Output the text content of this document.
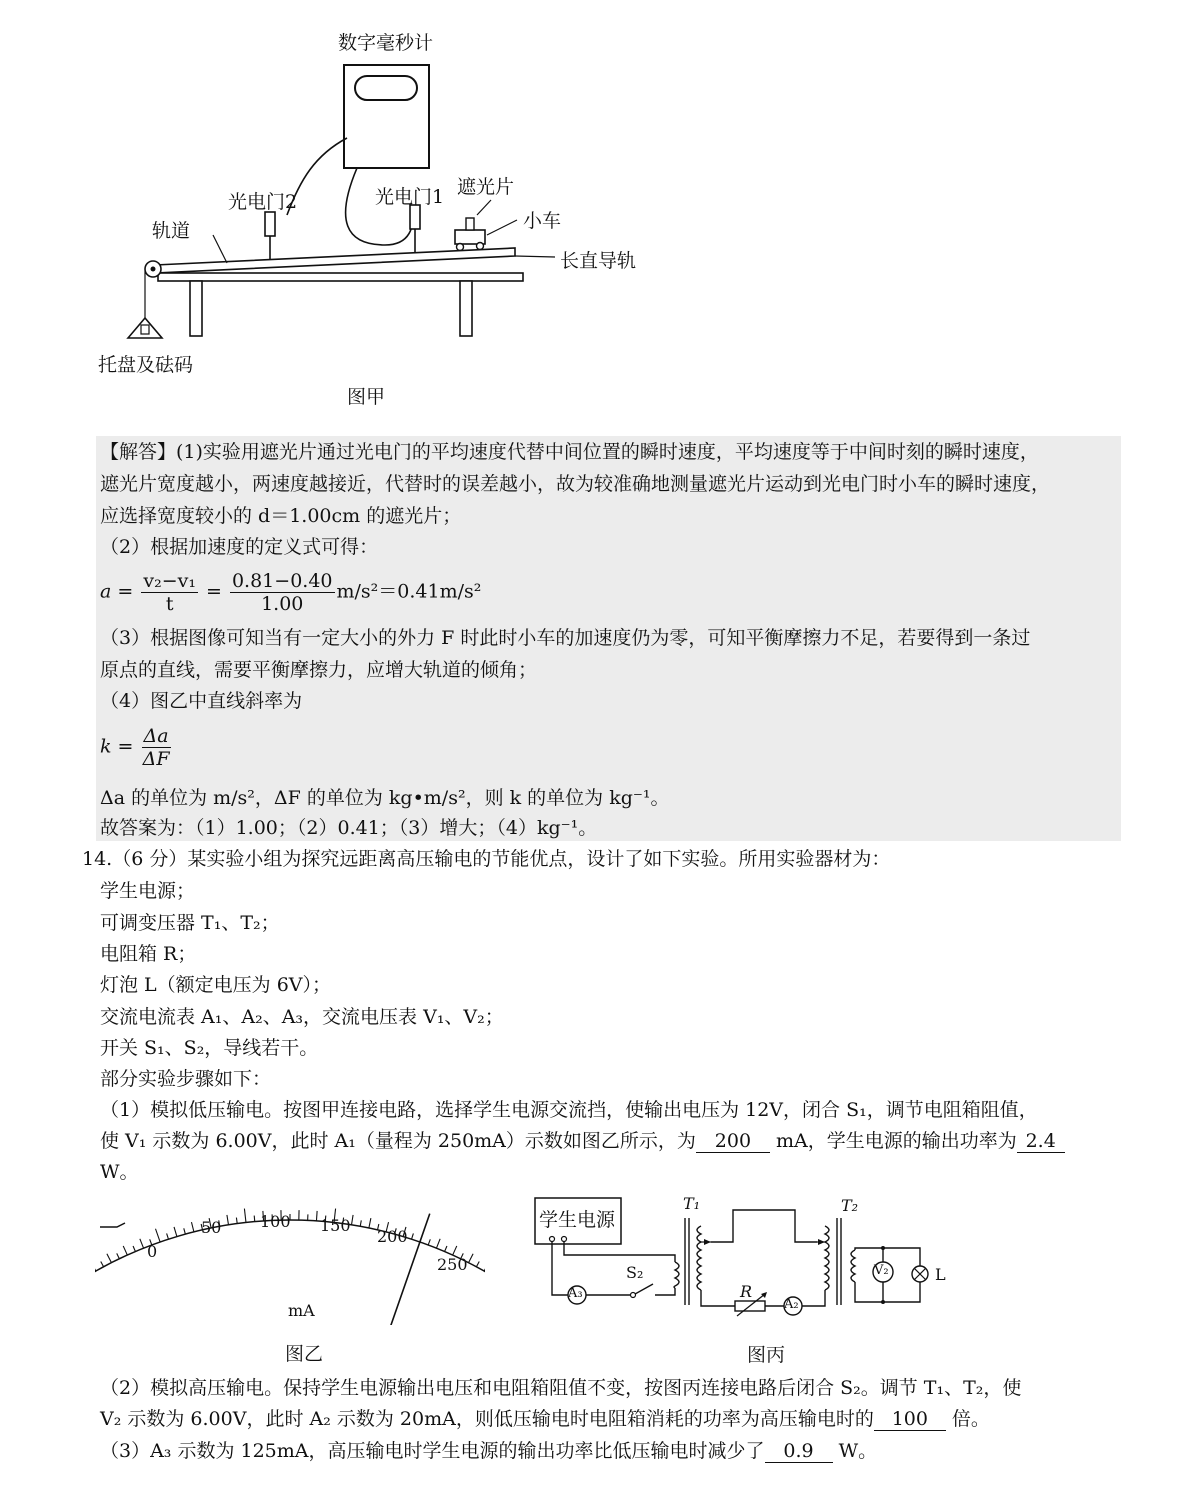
数字毫秒计
光电门2	光电门1 遮光片
小车
轨道
长直导轨
托盘及砝码
图甲
【解答】(1)实验用遮光片通过光电门的平均速度代替中间位置的瞬时速度，平均速度等于中间时刻的瞬时速度，
遮光片宽度越小，两速度越接近，代替时的误差越小，故为较准确地测量遮光片运动到光电门时小车的瞬时速度，
应选择宽度较小的 d＝1.00cm 的遮光片；
（2）根据加速度的定义式可得：
$a = \frac{\text{v₂−v₁}}{t} = \frac{0.81-0.40}{1.00} m/s^2=0.41m/s^2$
（3）根据图像可知当有一定大小的外力 F 时此时小车的加速度仍为零，可知平衡摩擦力不足，若要得到一条过
原点的直线，需要平衡摩擦力，应增大轨道的倾角；
（4）图乙中直线斜率为
$k = \frac{\Delta a}{\Delta F}$
Δa 的单位为 m/s²，ΔF 的单位为 kg•m/s²，则 k 的单位为 kg⁻¹。
故答案为：（1）1.00；（2）0.41；（3）增大；（4）kg⁻¹。
14.（6 分）某实验小组为探究远距离高压输电的节能优点，设计了如下实验。所用实验器材为：
学生电源；
可调变压器 T₁、T₂；
电阻箱 R；
灯泡 L（额定电压为 6V）；
交流电流表 A₁、A₂、A₃，交流电压表 V₁、V₂；
开关 S₁、S₂，导线若干。
部分实验步骤如下：
（1）模拟低压输电。按图甲连接电路，选择学生电源交流挡，使输出电压为 12V，闭合 S₁，调节电阻箱阻值，
使 V₁ 示数为 6.00V，此时 A₁（量程为 250mA）示数如图乙所示，为 200 mA，学生电源的输出功率为 2.4
W。
0
50 100 150
200
250
mA
图乙
学生电源
T₁	T₂
S₂
R
A₃
A₂
V₂	L
图丙
（2）模拟高压输电。保持学生电源输出电压和电阻箱阻值不变，按图丙连接电路后闭合 S₂。调节 T₁、T₂，使
V₂ 示数为 6.00V，此时 A₂ 示数为 20mA，则低压输电时电阻箱消耗的功率为高压输电时的 100 倍。
（3）A₃ 示数为 125mA，高压输电时学生电源的输出功率比低压输电时减少了 0.9 W。
